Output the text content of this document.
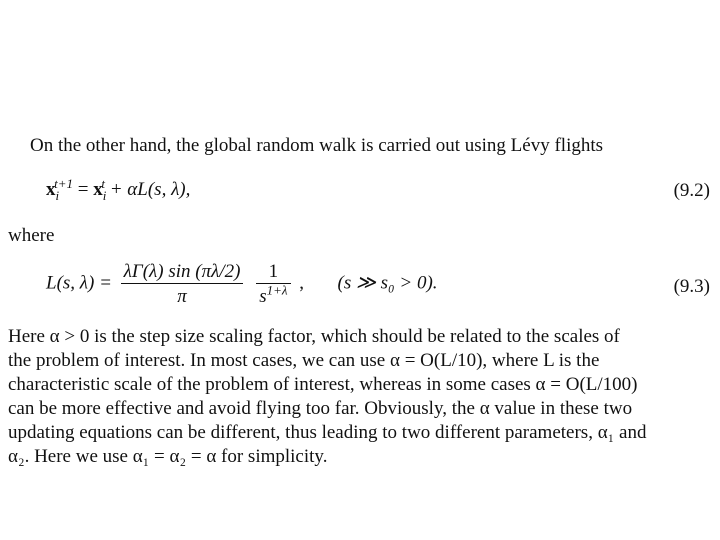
On the other hand, the global random walk is carried out using Lévy flights
$x_i^{t+1} = x_i^t + \alpha L(s$, λ),	(9.2)
where
L(s, $\lambda) = \frac{\lambda\Gamma(\lambda) \sin (\pi\lambda/2)}{\pi}$
$\frac{1}{s^{1+\lambda}}$ , (s ≫ s₀ > 0).	(9.3)
Here α > 0 is the step size scaling factor, which should be related to the scales of
the problem of interest. In most cases, we can use α = O(L/10), where L is the
characteristic scale of the problem of interest, whereas in some cases α = O(L/100)
can be more effective and avoid flying too far. Obviously, the α value in these two
updating equations can be different, thus leading to two different parameters, α₁ and
α₂. Here we use α₁ = α₂ = α for simplicity.
